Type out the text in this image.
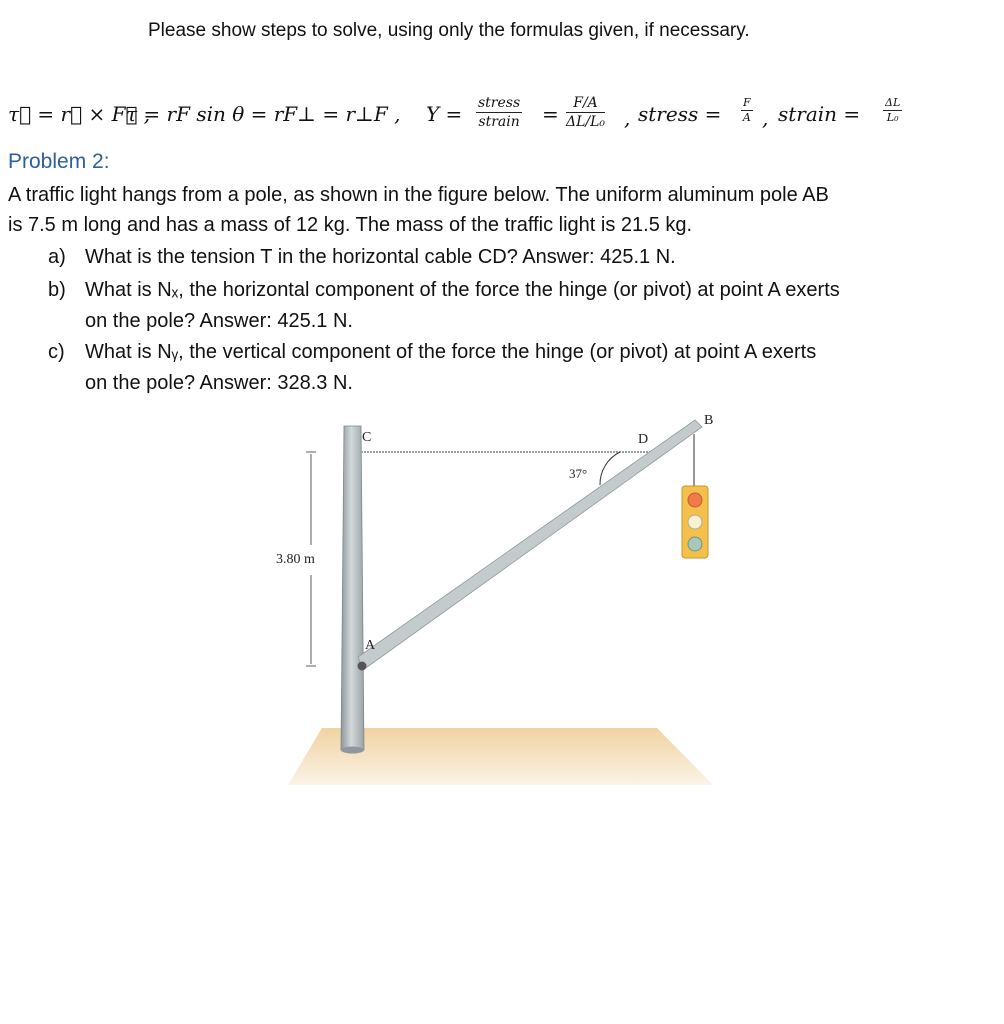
Please show steps to solve, using only the formulas given, if necessary.
τ⃗ = r⃗ × F⃗ ,
τ = rF sin θ = rF⊥ = r⊥F , Y = stress
strain = $\frac{F/A}{\text{ΔL/L₀}}$ , stress = $\frac{F}{A}$ , strain = $\frac{\Delta L}{\text{L₀}}$
Problem 2:
A traffic light hangs from a pole, as shown in the figure below. The uniform aluminum pole AB
is 7.5 m long and has a mass of 12 kg. The mass of the traffic light is 21.5 kg.
a) What is the tension T in the horizontal cable CD? Answer: 425.1 N.
b) What is Nₓ, the horizontal component of the force the hinge (or pivot) at point A exerts
on the pole? Answer: 425.1 N.
c) What is Nᵧ, the vertical component of the force the hinge (or pivot) at point A exerts
on the pole? Answer: 328.3 N.
C	D
B
A
37°
3.80 m
